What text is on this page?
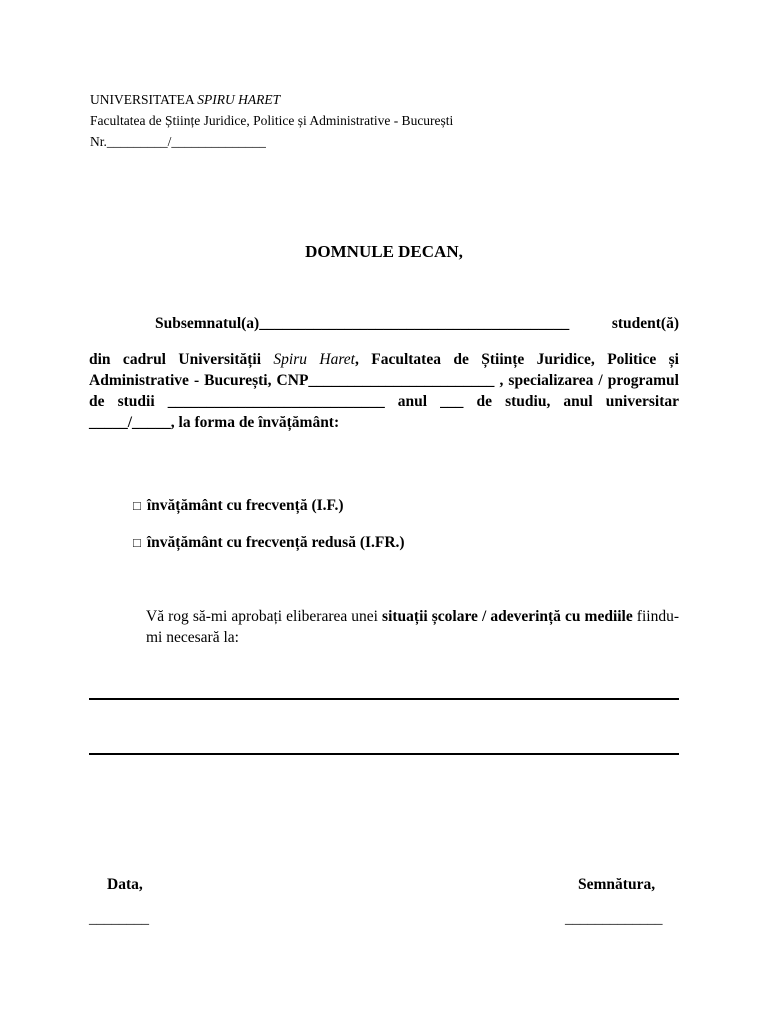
UNIVERSITATEA SPIRU HARET
Facultatea de Științe Juridice, Politice și Administrative - București
Nr._________/______________
DOMNULE DECAN,
Subsemnatul(a)________________________________________	student(ă)

din cadrul Universității Spiru Haret, Facultatea de Științe Juridice, Politice și Administrative - București, CNP________________________ , specializarea / programul de studii ____________________________ anul ___ de studiu, anul universitar _____/_____, la forma de învățământ:

□ învățământ cu frecvență (I.F.)
□ învățământ cu frecvență redusă (I.FR.)
Vă rog să-mi aprobați eliberarea unei situații școlare / adeverință cu mediile fiindu-mi necesară la:
Data,	Semnătura,
________	_____________
